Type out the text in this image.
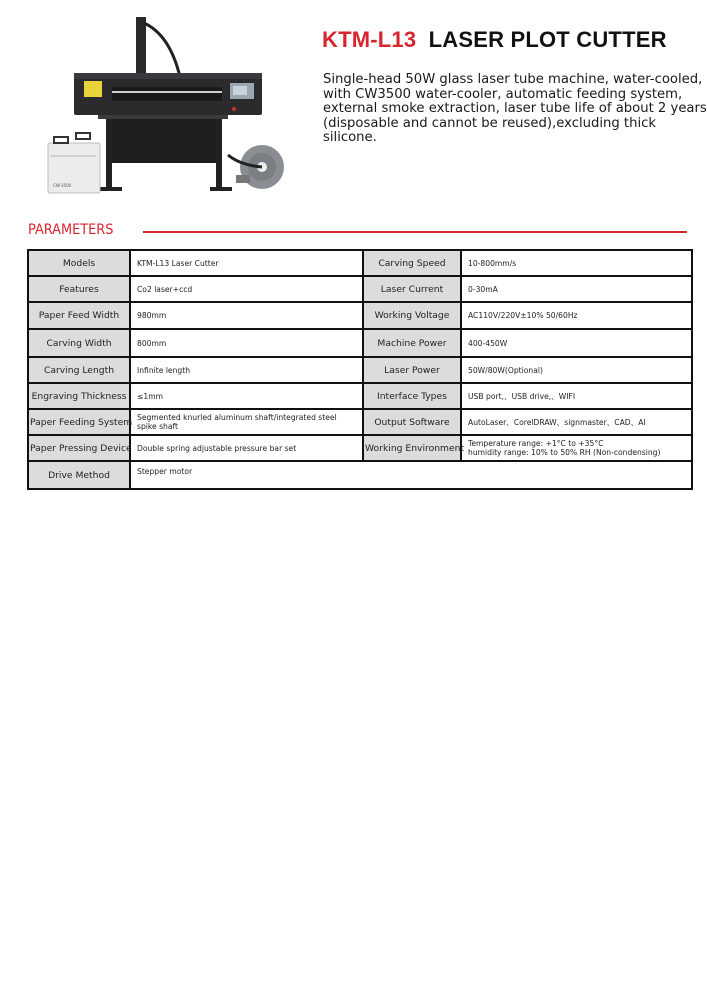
CW-3500
KTM-L13 LASER PLOT CUTTER
Single-head 50W glass laser tube machine, water-cooled, with CW3500 water-cooler, automatic feeding system, external smoke extraction, laser tube life of about 2 years (disposable and cannot be reused),excluding thick silicone.
PARAMETERS
Models	KTM-L13 Laser Cutter	Carving Speed	10-800mm/s
Features	Co2 laser+ccd	Laser Current	0-30mA
Paper Feed Width	980mm	Working Voltage	AC110V/220V±10% 50/60Hz
Carving Width	800mm	Machine Power	400-450W
Carving Length	Infinite length	Laser Power	50W/80W(Optional)
Engraving Thickness	≤1mm	Interface Types	USB port,、USB drive,、WIFI
Paper Feeding System	Segmented knurled aluminum shaft/integrated steel spike shaft	Output Software	AutoLaser、CorelDRAW、signmaster、CAD、AI
Paper Pressing Device	Double spring adjustable pressure bar set	Working Environment	Temperature range: +1°C to +35°C
humidity range: 10% to 50% RH (Non-condensing)

Drive Method	Stepper motor		
